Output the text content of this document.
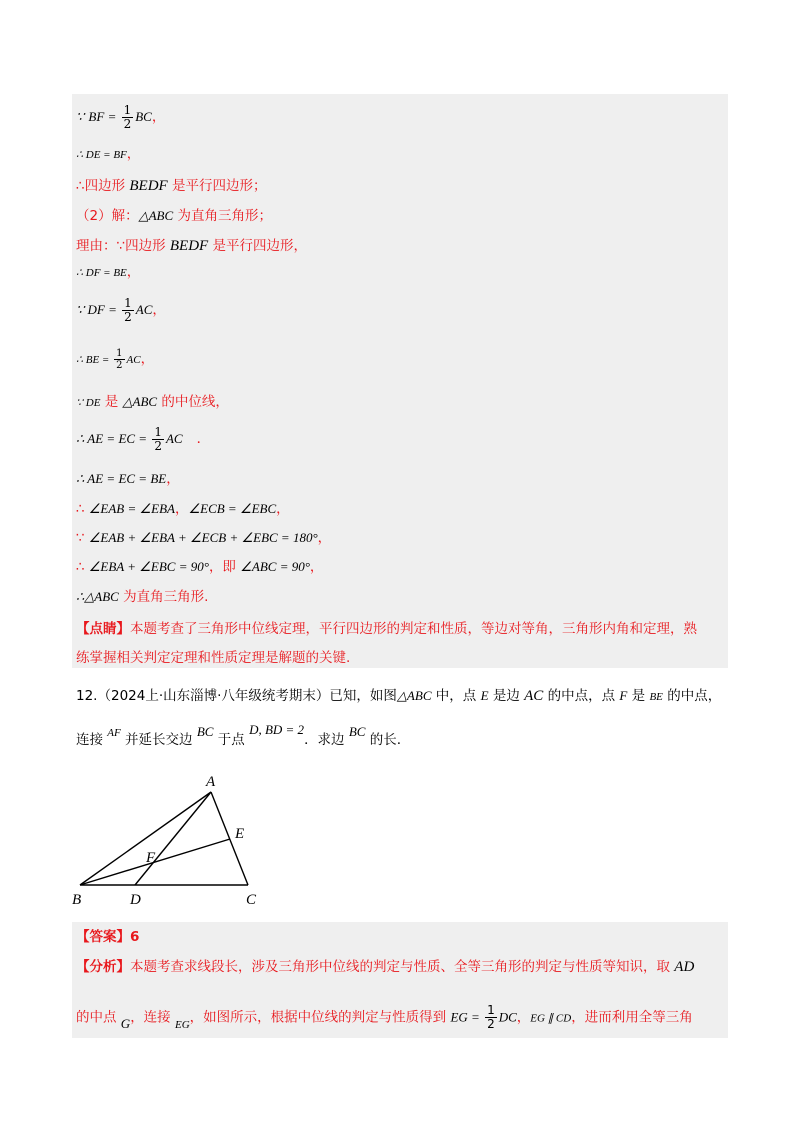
∵ BF = $\frac{1}{2}$ BC，
∴ DE = BF，
∴四边形 BEDF 是平行四边形；
（2）解：△ABC 为直角三角形；
理由：∵四边形 BEDF 是平行四边形，
∴ DF = BE，
∵ DF = $\frac{1}{2}$ AC，
∴ BE = $\frac{1}{2}$ AC，
∵ DE 是 △ABC 的中位线，
∴ AE = EC = $\frac{1}{2}$ AC ．
∴ AE = EC = BE，
∴ ∠EAB = ∠EBA，∠ECB = ∠EBC，
∵ ∠EAB + ∠EBA + ∠ECB + ∠EBC = 180°，
∴ ∠EBA + ∠EBC = 90°，即 ∠ABC = 90°，
∴△ABC 为直角三角形.
【点睛】本题考查了三角形中位线定理，平行四边形的判定和性质，等边对等角，三角形内角和定理，熟
练掌握相关判定定理和性质定理是解题的关键.
12.（2024上·山东淄博·八年级统考期末）已知，如图△ABC 中，点 E 是边 AC 的中点，点 F 是 BE 的中点，
连接 $^{AF}$ 并延长交边 BC 于点 D, BD = 2．求边 BC 的长.
A
B	C
D
E
F
【答案】6
【分析】本题考查求线段长，涉及三角形中位线的判定与性质、全等三角形的判定与性质等知识，取 AD
的中点 G，连接 $_{EG}$，如图所示，根据中位线的判定与性质得到 EG = $\frac{1}{2}$ DC，EG ∥ CD，进而利用全等三角
